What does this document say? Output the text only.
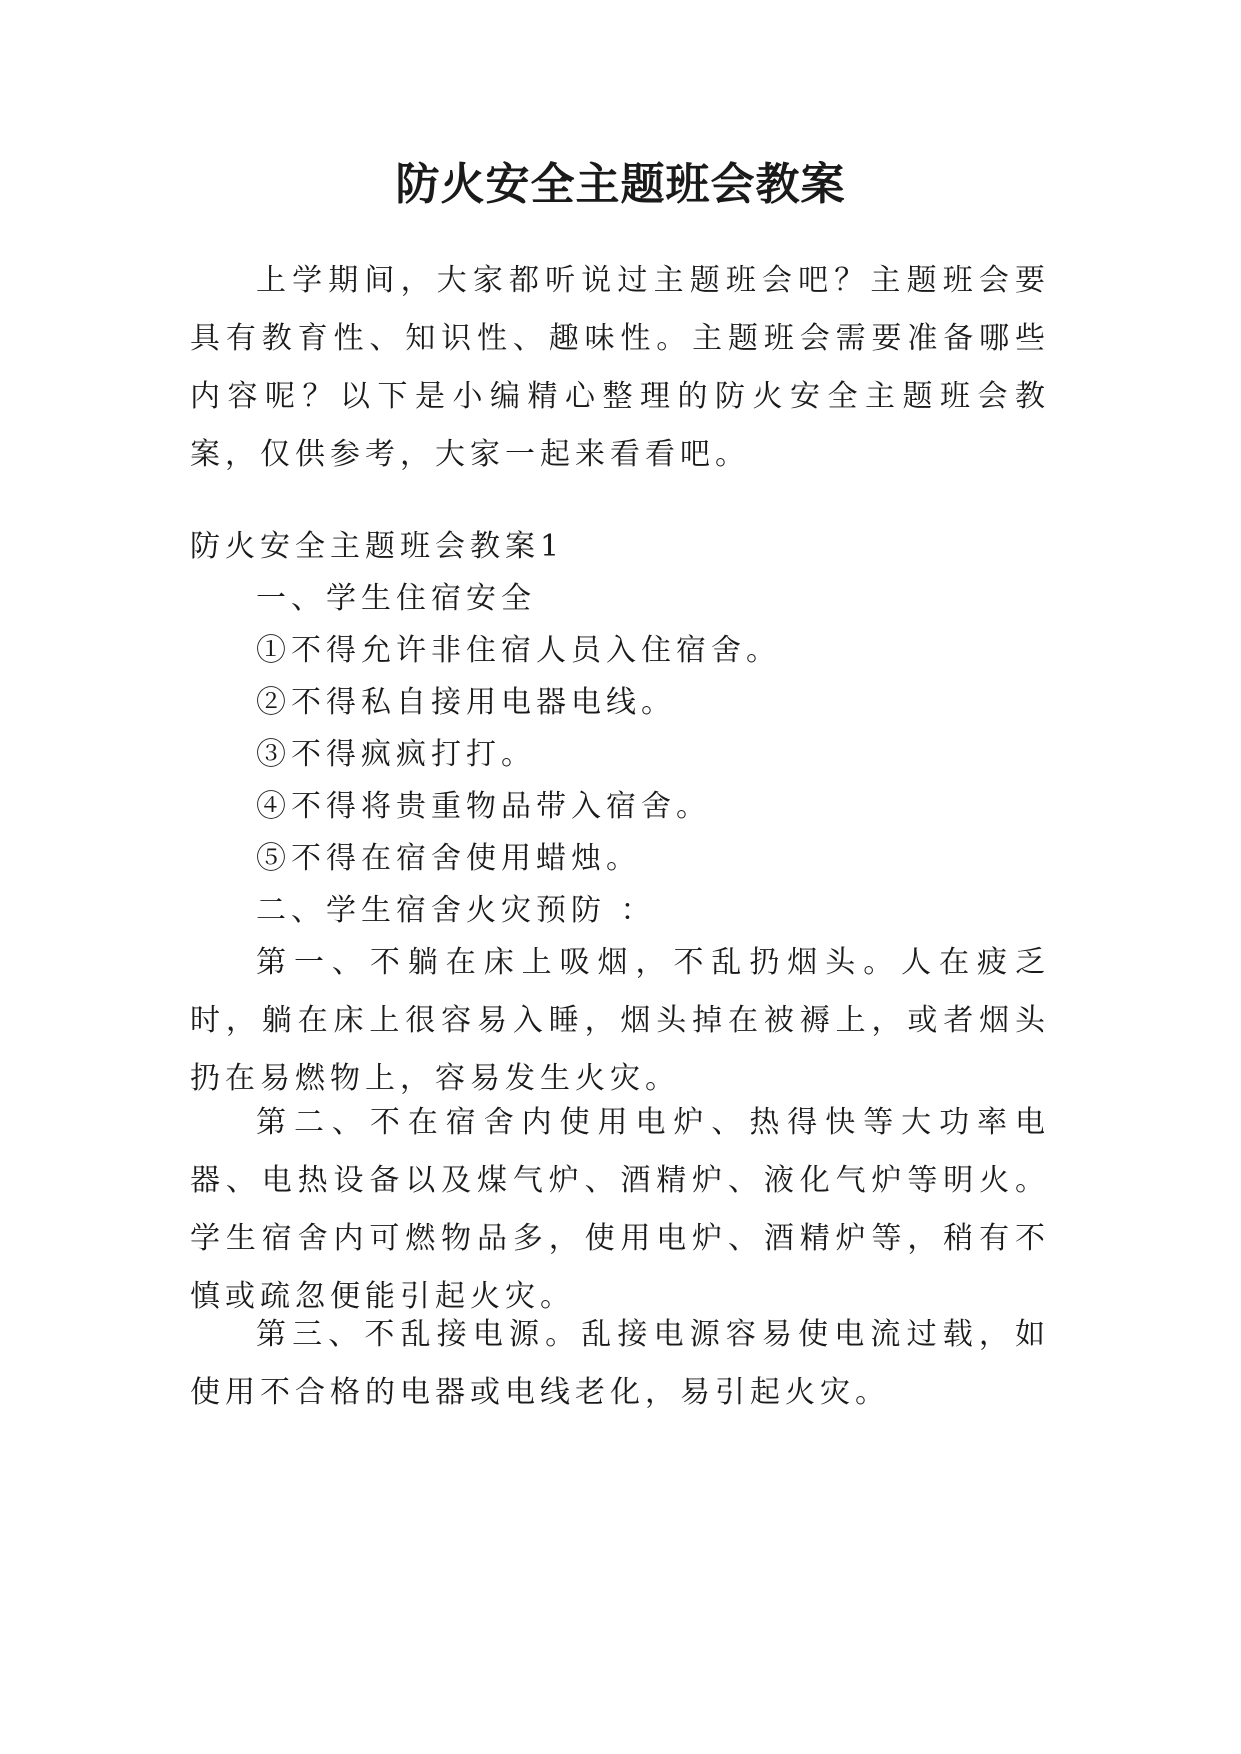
防火安全主题班会教案

上学期间，大家都听说过主题班会吧？主题班会要具有教育性、知识性、趣味性。主题班会需要准备哪些内容呢？以下是小编精心整理的防火安全主题班会教案，仅供参考，大家一起来看看吧。

防火安全主题班会教案1

一、学生住宿安全

①不得允许非住宿人员入住宿舍。

②不得私自接用电器电线。

③不得疯疯打打。

④不得将贵重物品带入宿舍。

⑤不得在宿舍使用蜡烛。

二、学生宿舍火灾预防 ：

第一、不躺在床上吸烟，不乱扔烟头。人在疲乏时，躺在床上很容易入睡，烟头掉在被褥上，或者烟头扔在易燃物上，容易发生火灾。

第二、不在宿舍内使用电炉、热得快等大功率电器、电热设备以及煤气炉、酒精炉、液化气炉等明火。学生宿舍内可燃物品多，使用电炉、酒精炉等，稍有不慎或疏忽便能引起火灾。

第三、不乱接电源。乱接电源容易使电流过载，如使用不合格的电器或电线老化，易引起火灾。
